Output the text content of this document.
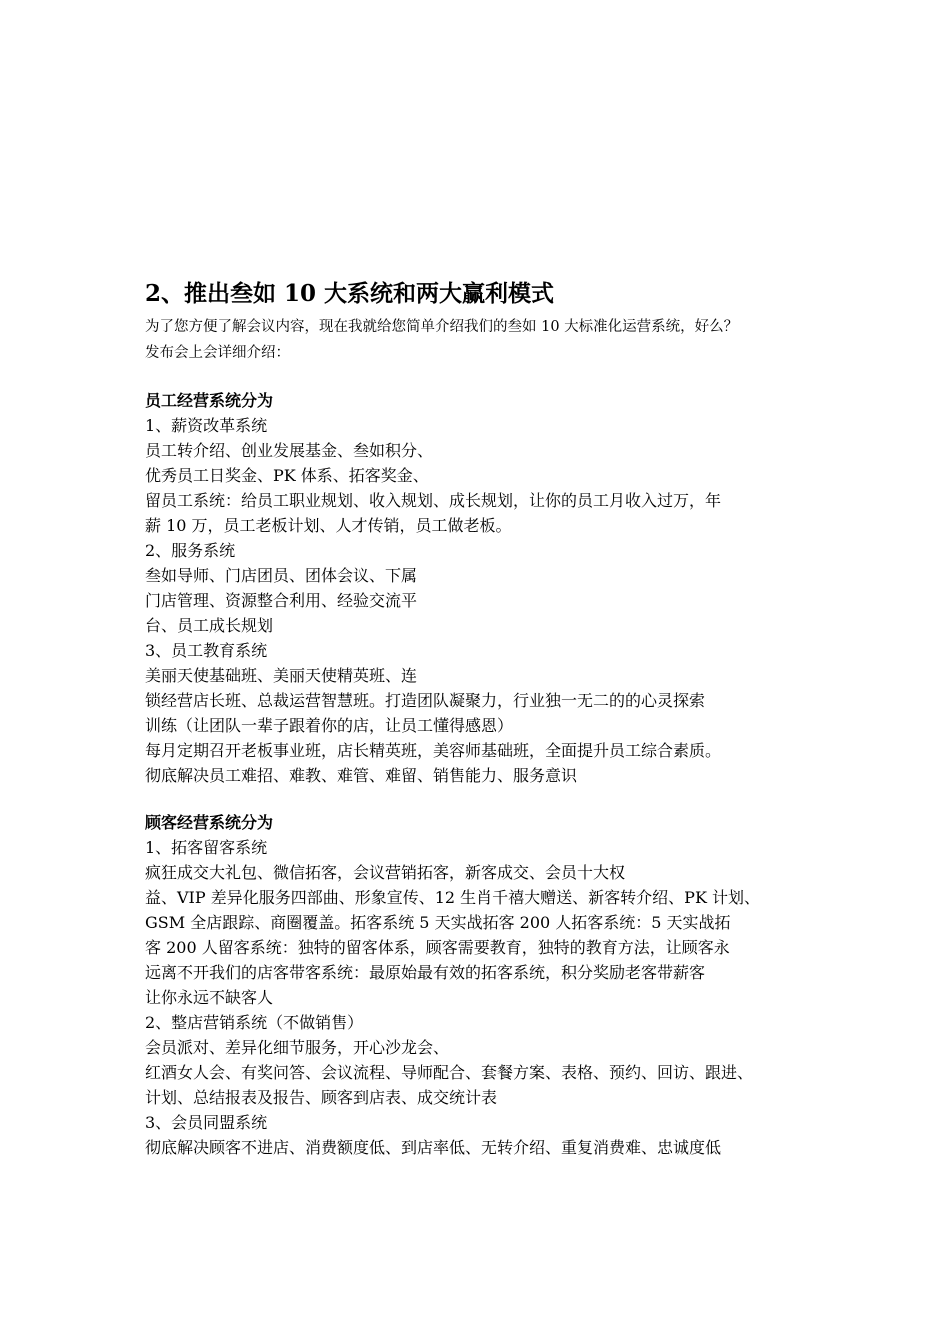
2、推出叁如 10 大系统和两大赢利模式
为了您方便了解会议内容，现在我就给您简单介绍我们的叁如 10 大标准化运营系统，好么？
发布会上会详细介绍：
员工经营系统分为
1、薪资改革系统
员工转介绍、创业发展基金、叁如积分、
优秀员工日奖金、PK 体系、拓客奖金、
留员工系统：给员工职业规划、收入规划、成长规划，让你的员工月收入过万，年
薪 10 万，员工老板计划、人才传销，员工做老板。
2、服务系统
叁如导师、门店团员、团体会议、下属
门店管理、资源整合利用、经验交流平
台、员工成长规划
3、员工教育系统
美丽天使基础班、美丽天使精英班、连
锁经营店长班、总裁运营智慧班。打造团队凝聚力，行业独一无二的的心灵探索
训练（让团队一辈子跟着你的店，让员工懂得感恩）
每月定期召开老板事业班，店长精英班，美容师基础班，全面提升员工综合素质。
彻底解决员工难招、难教、难管、难留、销售能力、服务意识
顾客经营系统分为
1、拓客留客系统
疯狂成交大礼包、微信拓客，会议营销拓客，新客成交、会员十大权
益、VIP 差异化服务四部曲、形象宣传、12 生肖千禧大赠送、新客转介绍、PK 计划、
GSM 全店跟踪、商圈覆盖。拓客系统 5 天实战拓客 200 人拓客系统：5 天实战拓
客 200 人留客系统：独特的留客体系，顾客需要教育，独特的教育方法，让顾客永
远离不开我们的店客带客系统：最原始最有效的拓客系统，积分奖励老客带薪客
让你永远不缺客人
2、整店营销系统（不做销售）
会员派对、差异化细节服务，开心沙龙会、
红酒女人会、有奖问答、会议流程、导师配合、套餐方案、表格、预约、回访、跟进、
计划、总结报表及报告、顾客到店表、成交统计表
3、会员同盟系统
彻底解决顾客不进店、消费额度低、到店率低、无转介绍、重复消费难、忠诚度低
